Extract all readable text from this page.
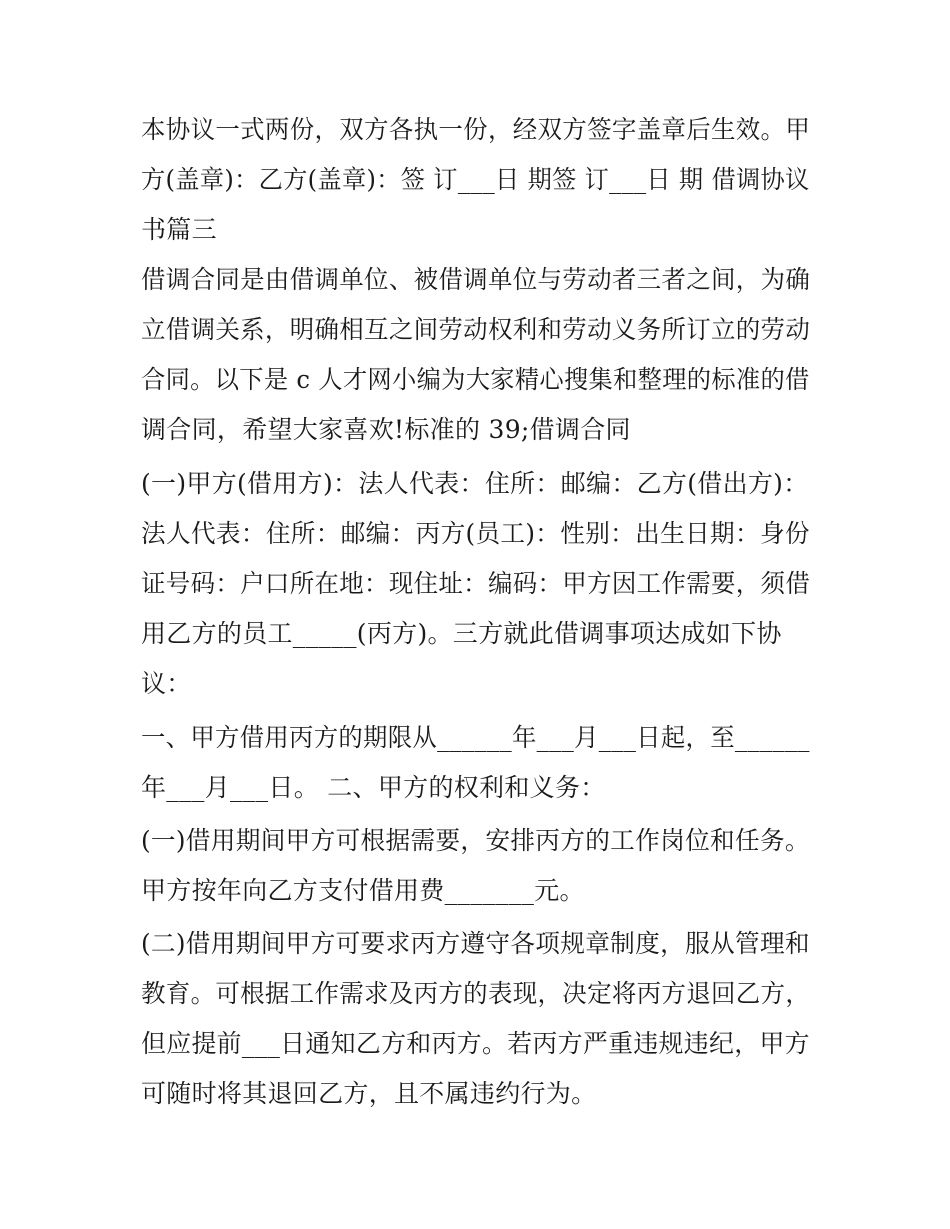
本协议一式两份，双方各执一份，经双方签字盖章后生效。甲
方(盖章)：乙方(盖章)：签 订___日 期签 订___日 期 借调协议
书篇三
借调合同是由借调单位、被借调单位与劳动者三者之间，为确
立借调关系，明确相互之间劳动权利和劳动义务所订立的劳动
合同。以下是 c 人才网小编为大家精心搜集和整理的标准的借
调合同，希望大家喜欢!标准的 39;借调合同
(一)甲方(借用方)：法人代表：住所：邮编：乙方(借出方)：
法人代表：住所：邮编：丙方(员工)：性别：出生日期：身份
证号码：户口所在地：现住址：编码：甲方因工作需要，须借
用乙方的员工_____(丙方)。三方就此借调事项达成如下协
议：
一、甲方借用丙方的期限从______年___月___日起，至______
年___月___日。 二、甲方的权利和义务：
(一)借用期间甲方可根据需要，安排丙方的工作岗位和任务。
甲方按年向乙方支付借用费_______元。
(二)借用期间甲方可要求丙方遵守各项规章制度，服从管理和
教育。可根据工作需求及丙方的表现，决定将丙方退回乙方，
但应提前___日通知乙方和丙方。若丙方严重违规违纪，甲方
可随时将其退回乙方，且不属违约行为。
